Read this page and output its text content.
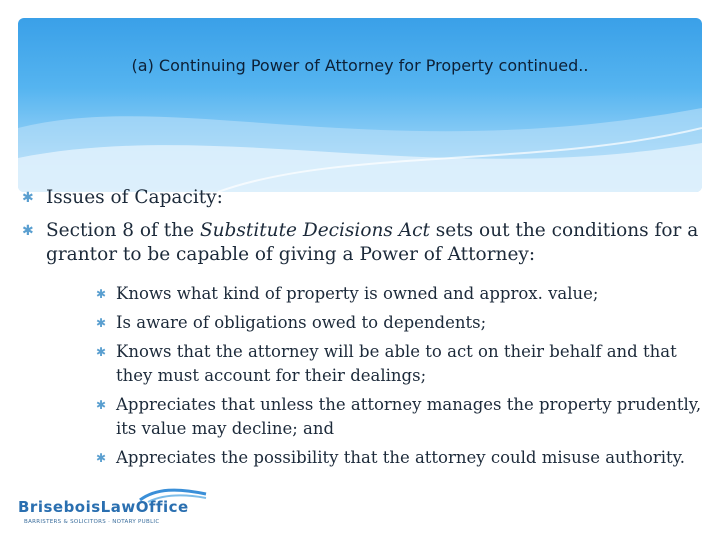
(a) Continuing Power of Attorney for Property continued..
✱ Issues of Capacity:
✱ Section 8 of the Substitute Decisions Act sets out the conditions for a grantor to be capable of giving a Power of Attorney:
✱ Knows what kind of property is owned and approx. value;
✱ Is aware of obligations owed to dependents;
✱ Knows that the attorney will be able to act on their behalf and that they must account for their dealings;
✱ Appreciates that unless the attorney manages the property prudently, its value may decline; and
✱ Appreciates the possibility that the attorney could misuse authority.
BriseboisLawOffice
BARRISTERS & SOLICITORS · NOTARY PUBLIC
